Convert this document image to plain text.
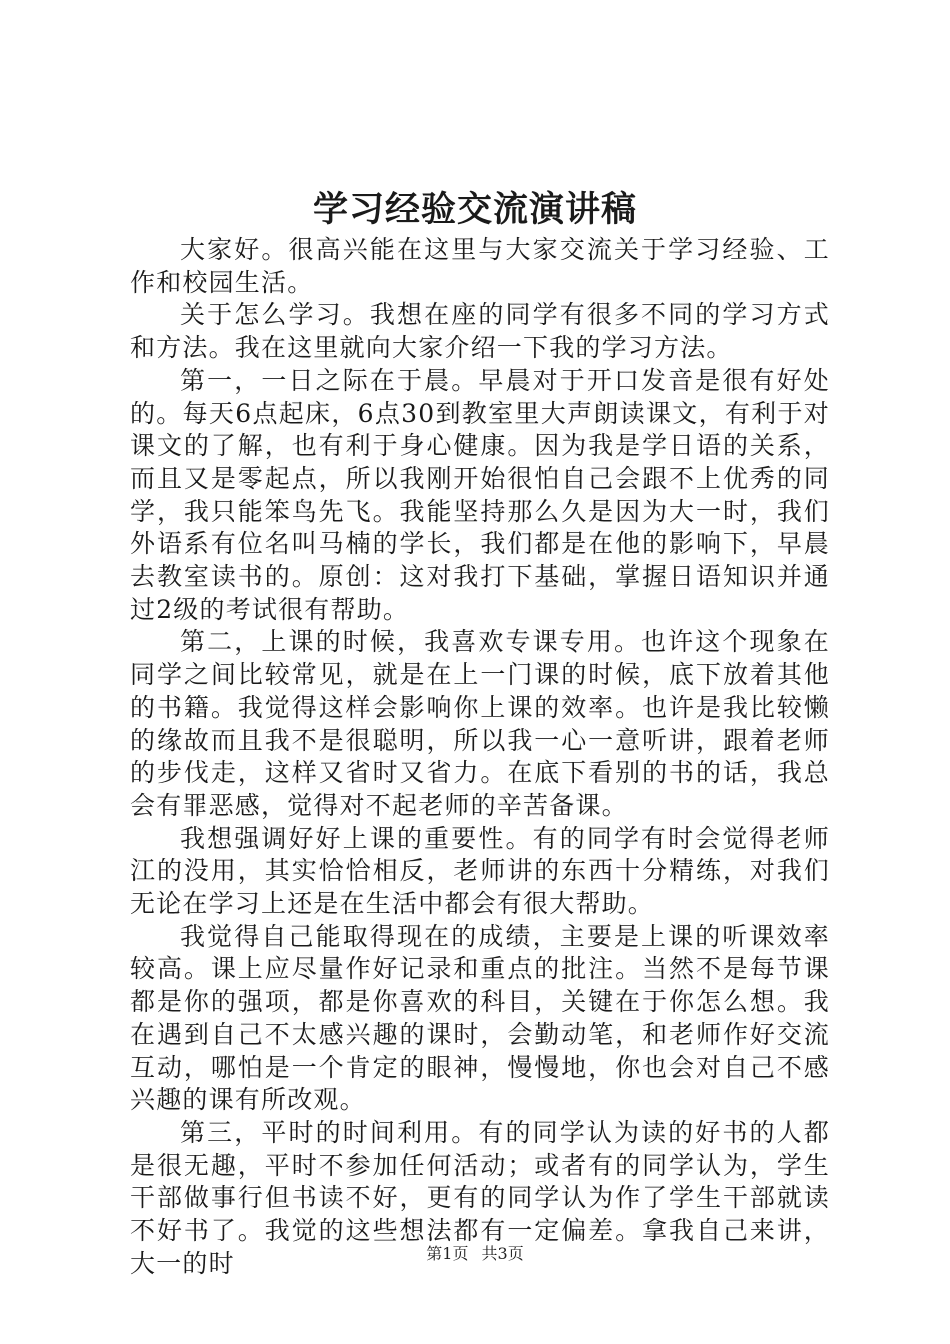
学习经验交流演讲稿

大家好。很高兴能在这里与大家交流关于学习经验、工作和校园生活。

关于怎么学习。我想在座的同学有很多不同的学习方式和方法。我在这里就向大家介绍一下我的学习方法。

第一，一日之际在于晨。早晨对于开口发音是很有好处的。每天6点起床，6点30到教室里大声朗读课文，有利于对课文的了解，也有利于身心健康。因为我是学日语的关系，而且又是零起点，所以我刚开始很怕自己会跟不上优秀的同学，我只能笨鸟先飞。我能坚持那么久是因为大一时，我们外语系有位名叫马楠的学长，我们都是在他的影响下，早晨去教室读书的。原创：这对我打下基础，掌握日语知识并通过2级的考试很有帮助。

第二，上课的时候，我喜欢专课专用。也许这个现象在同学之间比较常见，就是在上一门课的时候，底下放着其他的书籍。我觉得这样会影响你上课的效率。也许是我比较懒的缘故而且我不是很聪明，所以我一心一意听讲，跟着老师的步伐走，这样又省时又省力。在底下看别的书的话，我总会有罪恶感，觉得对不起老师的辛苦备课。

我想强调好好上课的重要性。有的同学有时会觉得老师江的没用，其实恰恰相反，老师讲的东西十分精练，对我们无论在学习上还是在生活中都会有很大帮助。

我觉得自己能取得现在的成绩，主要是上课的听课效率较高。课上应尽量作好记录和重点的批注。当然不是每节课都是你的强项，都是你喜欢的科目，关键在于你怎么想。我在遇到自己不太感兴趣的课时，会勤动笔，和老师作好交流互动，哪怕是一个肯定的眼神，慢慢地，你也会对自己不感兴趣的课有所改观。

第三，平时的时间利用。有的同学认为读的好书的人都是很无趣，平时不参加任何活动；或者有的同学认为，学生干部做事行但书读不好，更有的同学认为作了学生干部就读不好书了。我觉的这些想法都有一定偏差。拿我自己来讲，大一的时	第1页 共3页
